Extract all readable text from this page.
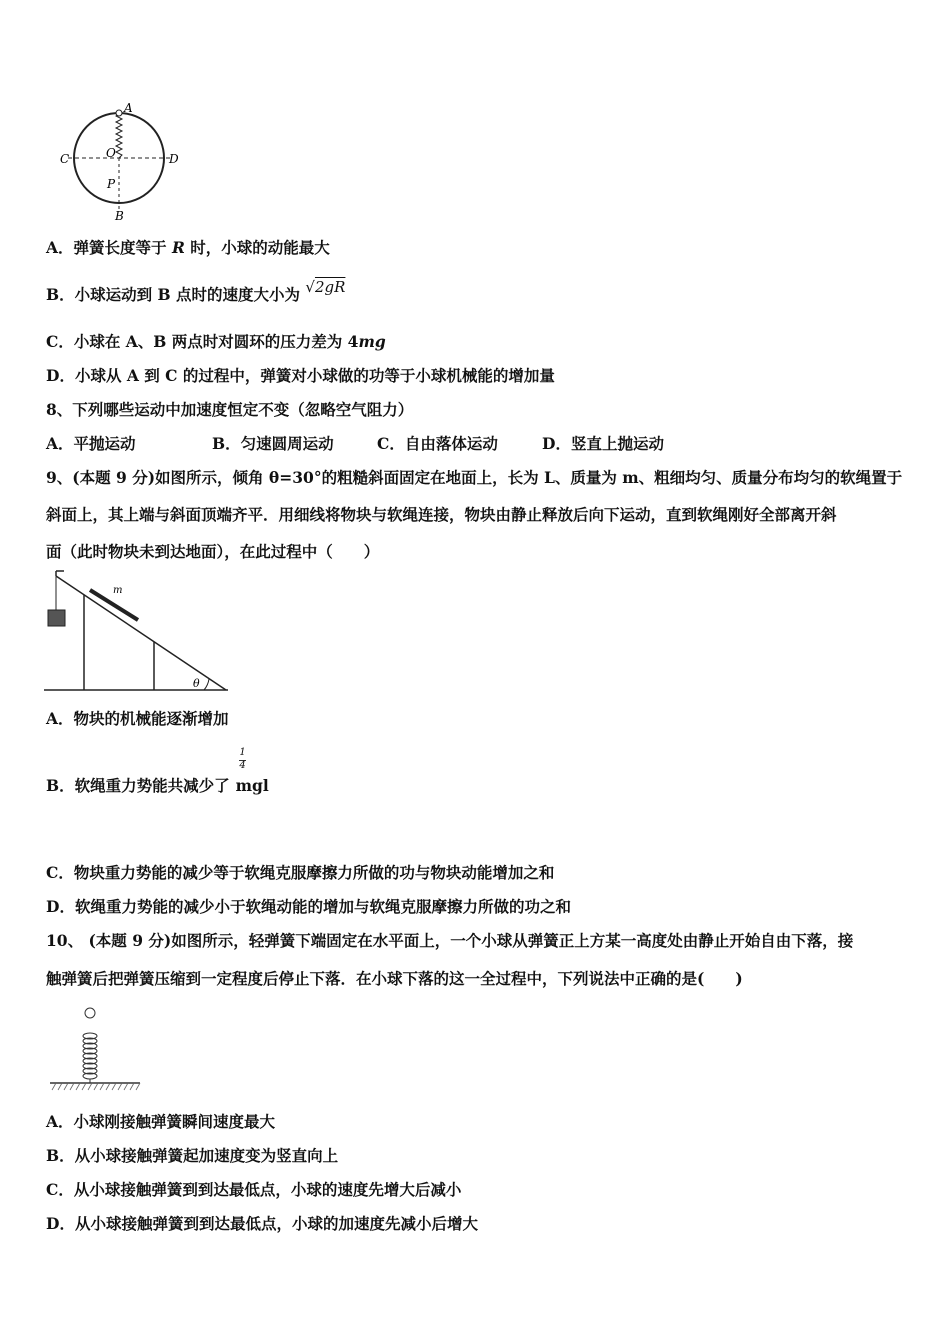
A
C	D
O
P
B
A．弹簧长度等于 R 时，小球的动能最大
B．小球运动到 B 点时的速度大小为 √2gR
C．小球在 A、B 两点时对圆环的压力差为 4mg
D．小球从 A 到 C 的过程中，弹簧对小球做的功等于小球机械能的增加量
8、下列哪些运动中加速度恒定不变（忽略空气阻力）
A．平抛运动	B．匀速圆周运动	C．自由落体运动	D．竖直上抛运动
9、(本题 9 分)如图所示，倾角 θ=30°的粗糙斜面固定在地面上，长为 L、质量为 m、粗细均匀、质量分布均匀的软绳置于
斜面上，其上端与斜面顶端齐平．用细线将物块与软绳连接，物块由静止释放后向下运动，直到软绳刚好全部离开斜
面（此时物块未到达地面），在此过程中（　　）
m
θ
A．物块的机械能逐渐增加
B．软绳重力势能共减少了 mgl
1
4
C．物块重力势能的减少等于软绳克服摩擦力所做的功与物块动能增加之和
D．软绳重力势能的减少小于软绳动能的增加与软绳克服摩擦力所做的功之和
10、 (本题 9 分)如图所示，轻弹簧下端固定在水平面上，一个小球从弹簧正上方某一高度处由静止开始自由下落，接
触弹簧后把弹簧压缩到一定程度后停止下落．在小球下落的这一全过程中，下列说法中正确的是(　　)
A．小球刚接触弹簧瞬间速度最大
B．从小球接触弹簧起加速度变为竖直向上
C．从小球接触弹簧到到达最低点，小球的速度先增大后减小
D．从小球接触弹簧到到达最低点，小球的加速度先减小后增大
